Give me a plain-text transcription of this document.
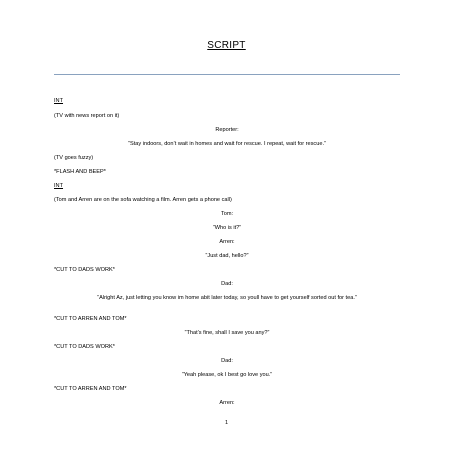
SCRIPT
INT
(TV with news report on it)
Reporter:
“Stay indoors, don’t wait in homes and wait for rescue. I repeat, wait for rescue.”
(TV goes fuzzy)
*FLASH AND BEEP*
INT
(Tom and Arren are on the sofa watching a film. Arren gets a phone call)
Tom:
“Who is it?”
Arren:
“Just dad, hello?”
*CUT TO DADS WORK*
Dad:
“Alright Az, just letting you know im home abit later today, so youll have to get yourself sorted out for tea.”
*CUT TO ARREN AND TOM*
“That’s fine, shall I save you any?”
*CUT TO DADS WORK*
Dad:
“Yeah please, ok I best go love you.”
*CUT TO ARREN AND TOM*
Arren:
1
